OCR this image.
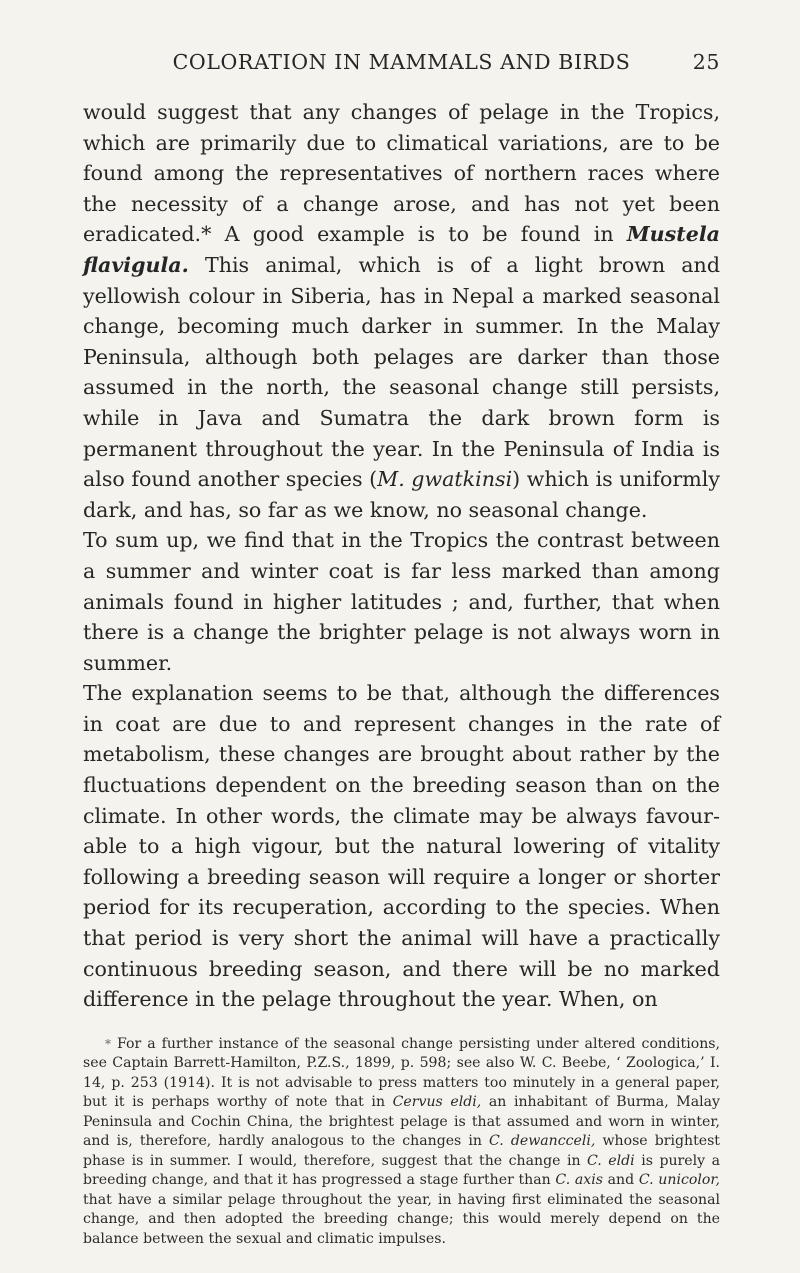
COLORATION IN MAMMALS AND BIRDS	25

would suggest that any changes of pelage in the Tropics, which are primarily due to climatical variations, are to be found among the representatives of northern races where the necessity of a change arose, and has not yet been eradicated.* A good example is to be found in Mustela flavigula. This animal, which is of a light brown and yellowish colour in Siberia, has in Nepal a marked seasonal change, becoming much darker in summer. In the Malay Peninsula, although both pelages are darker than those assumed in the north, the seasonal change still persists, while in Java and Sumatra the dark brown form is permanent throughout the year. In the Peninsula of India is also found another species (M. gwatkinsi) which is uniformly dark, and has, so far as we know, no seasonal change.

To sum up, we find that in the Tropics the contrast between a summer and winter coat is far less marked than among animals found in higher latitudes ; and, further, that when there is a change the brighter pelage is not always worn in summer.

The explanation seems to be that, although the differences in coat are due to and represent changes in the rate of metabolism, these changes are brought about rather by the fluctuations dependent on the breeding season than on the climate. In other words, the climate may be always favourable to a high vigour, but the natural lowering of vitality following a breeding season will require a longer or shorter period for its recuperation, according to the species. When that period is very short the animal will have a practically continuous breeding season, and there will be no marked difference in the pelage throughout the year. When, on

* For a further instance of the seasonal change persisting under altered conditions, see Captain Barrett-Hamilton, P.Z.S., 1899, p. 598; see also W. C. Beebe, ‘ Zoologica,’ I. 14, p. 253 (1914). It is not advisable to press matters too minutely in a general paper, but it is perhaps worthy of note that in Cervus eldi, an inhabitant of Burma, Malay Peninsula and Cochin China, the brightest pelage is that assumed and worn in winter, and is, therefore, hardly analogous to the changes in C. dewancceli, whose brightest phase is in summer. I would, therefore, suggest that the change in C. eldi is purely a breeding change, and that it has progressed a stage further than C. axis and C. unicolor, that have a similar pelage throughout the year, in having first eliminated the seasonal change, and then adopted the breeding change; this would merely depend on the balance between the sexual and climatic impulses.
